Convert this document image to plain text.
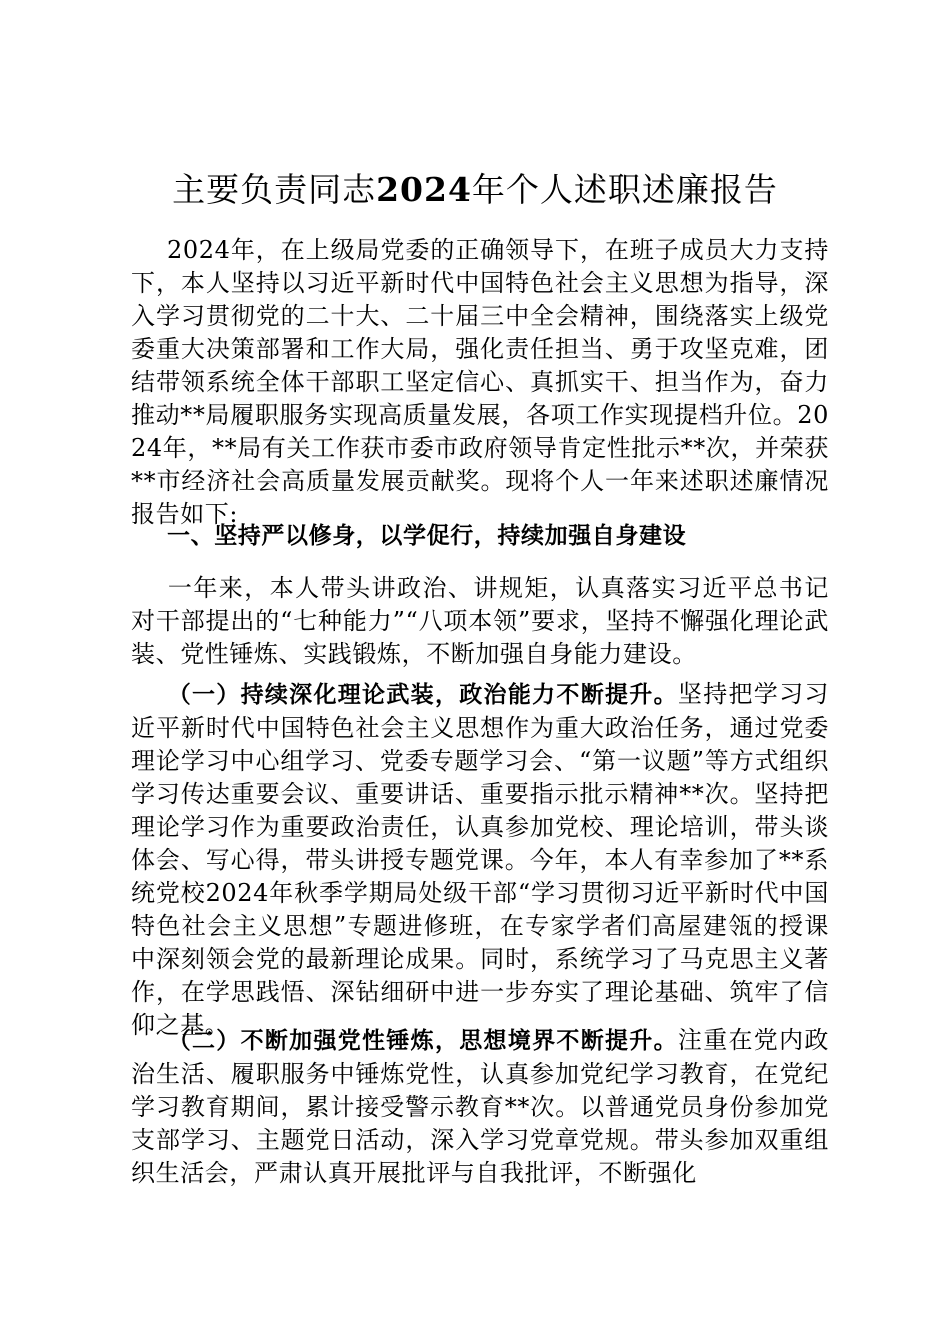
主要负责同志2024年个人述职述廉报告

2024年，在上级局党委的正确领导下，在班子成员大力支持下，本人坚持以习近平新时代中国特色社会主义思想为指导，深入学习贯彻党的二十大、二十届三中全会精神，围绕落实上级党委重大决策部署和工作大局，强化责任担当、勇于攻坚克难，团结带领系统全体干部职工坚定信心、真抓实干、担当作为，奋力推动**局履职服务实现高质量发展，各项工作实现提档升位。2024年，**局有关工作获市委市政府领导肯定性批示**次，并荣获**市经济社会高质量发展贡献奖。现将个人一年来述职述廉情况报告如下:

一、坚持严以修身，以学促行，持续加强自身建设

一年来，本人带头讲政治、讲规矩，认真落实习近平总书记对干部提出的“七种能力”“八项本领”要求，坚持不懈强化理论武装、党性锤炼、实践锻炼，不断加强自身能力建设。

（一）持续深化理论武装，政治能力不断提升。坚持把学习习近平新时代中国特色社会主义思想作为重大政治任务，通过党委理论学习中心组学习、党委专题学习会、“第一议题”等方式组织学习传达重要会议、重要讲话、重要指示批示精神**次。坚持把理论学习作为重要政治责任，认真参加党校、理论培训，带头谈体会、写心得，带头讲授专题党课。今年，本人有幸参加了**系统党校2024年秋季学期局处级干部“学习贯彻习近平新时代中国特色社会主义思想”专题进修班，在专家学者们高屋建瓴的授课中深刻领会党的最新理论成果。同时，系统学习了马克思主义著作，在学思践悟、深钻细研中进一步夯实了理论基础、筑牢了信仰之基。

（二）不断加强党性锤炼，思想境界不断提升。注重在党内政治生活、履职服务中锤炼党性，认真参加党纪学习教育，在党纪学习教育期间，累计接受警示教育**次。以普通党员身份参加党支部学习、主题党日活动，深入学习党章党规。带头参加双重组织生活会，严肃认真开展批评与自我批评，不断强化
